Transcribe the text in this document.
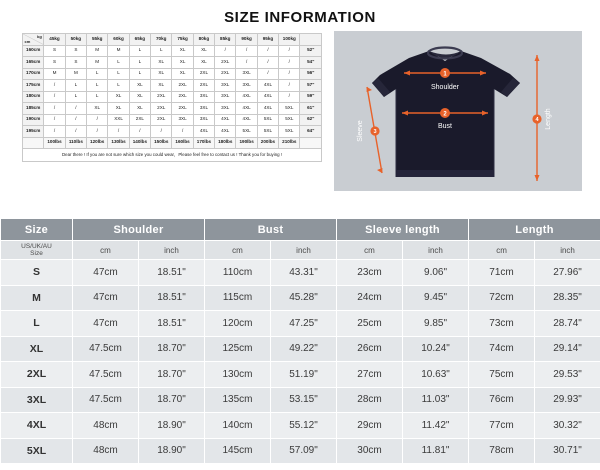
SIZE INFORMATION
kg
cm	45kg	50kg	55kg	60kg	65kg	70kg	75kg	80kg	85kg	90kg	95kg	100kg	
160cm	S	S	M	M	L	L	XL	XL	/	/	/	/	52"
165cm	S	S	M	L	L	XL	XL	XL	2XL	/	/	/	54"
170cm	M	M	L	L	L	XL	XL	2XL	2XL	3XL	/	/	56"
175cm	/	L	L	L	XL	XL	2XL	2XL	3XL	3XL	4XL	/	57"
180cm	/	L	L	XL	XL	2XL	2XL	3XL	3XL	4XL	4XL	/	59"
185cm	/	/	XL	XL	XL	2XL	2XL	3XL	3XL	4XL	4XL	5XL	61"
190cm	/	/	/	XXL	2XL	2XL	3XL	3XL	4XL	4XL	5XL	5XL	62"
195cm	/	/	/	/	/	/	/	4XL	4XL	5XL	5XL	5XL	64"
	100lbs	110lbs	120lbs	130lbs	140lbs	150lbs	160lbs	170lbs	180lbs	190lbs	200lbs	210lbs	
Dear there ! If you are not sure which size you could wear，Please feel free to contact us ! Thank you for buying !
1
Shoulder
2
Bust
3
Sleeve
4 Length
Size	Shoulder		Bust		Sleeve length		Length	
US/UK/AU
Size	cm	inch	cm	inch	cm	inch	cm	inch
S	47cm	18.51"	110cm	43.31"	23cm	9.06"	71cm	27.96"
M	47cm	18.51"	115cm	45.28"	24cm	9.45"	72cm	28.35"
L	47cm	18.51"	120cm	47.25"	25cm	9.85"	73cm	28.74"
XL	47.5cm	18.70"	125cm	49.22"	26cm	10.24"	74cm	29.14"
2XL	47.5cm	18.70"	130cm	51.19"	27cm	10.63"	75cm	29.53"
3XL	47.5cm	18.70"	135cm	53.15"	28cm	11.03"	76cm	29.93"
4XL	48cm	18.90"	140cm	55.12"	29cm	11.42"	77cm	30.32"
5XL	48cm	18.90"	145cm	57.09"	30cm	11.81"	78cm	30.71"
